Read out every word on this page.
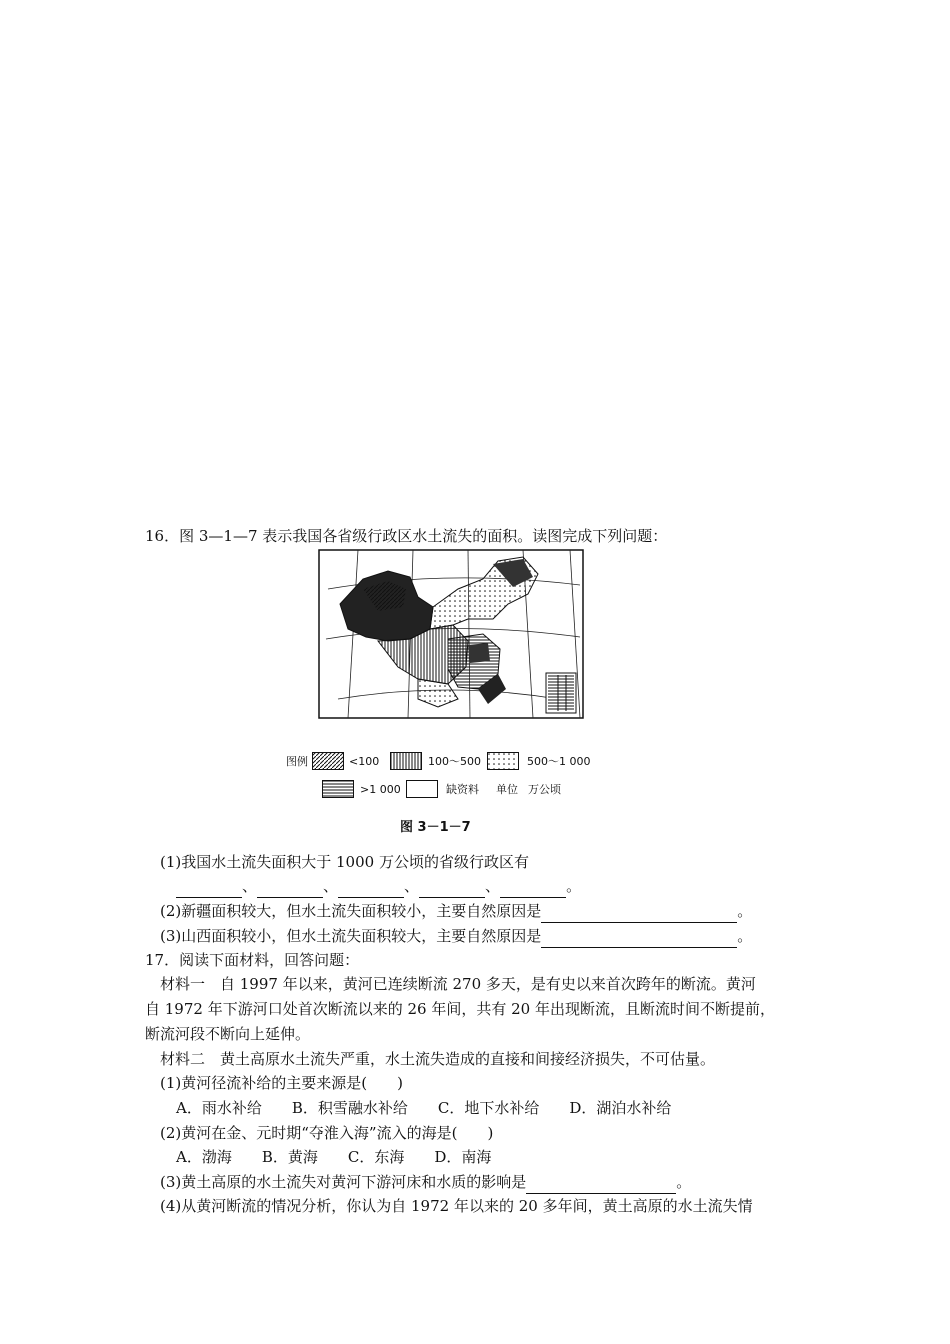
16．图 3—1—7 表示我国各省级行政区水土流失的面积。读图完成下列问题：
图例	<100	100～500	500～1 000
>1 000	缺资料 单位 万公顷
图 3－1－7
(1)我国水土流失面积大于 1000 万公顷的省级行政区有
、	、	、	、	。
(2)新疆面积较大，但水土流失面积较小，主要自然原因是	。
(3)山西面积较小，但水土流失面积较大，主要自然原因是	。
17．阅读下面材料，回答问题：
材料一　自 1997 年以来，黄河已连续断流 270 多天，是有史以来首次跨年的断流。黄河
自 1972 年下游河口处首次断流以来的 26 年间，共有 20 年出现断流，且断流时间不断提前，
断流河段不断向上延伸。
材料二　黄土高原水土流失严重，水土流失造成的直接和间接经济损失，不可估量。
(1)黄河径流补给的主要来源是(　　)
A．雨水补给　　B．积雪融水补给　　C．地下水补给　　D．湖泊水补给
(2)黄河在金、元时期“夺淮入海”流入的海是(　　)
A．渤海　　B．黄海　　C．东海　　D．南海
(3)黄土高原的水土流失对黄河下游河床和水质的影响是	。
(4)从黄河断流的情况分析，你认为自 1972 年以来的 20 多年间，黄土高原的水土流失情
